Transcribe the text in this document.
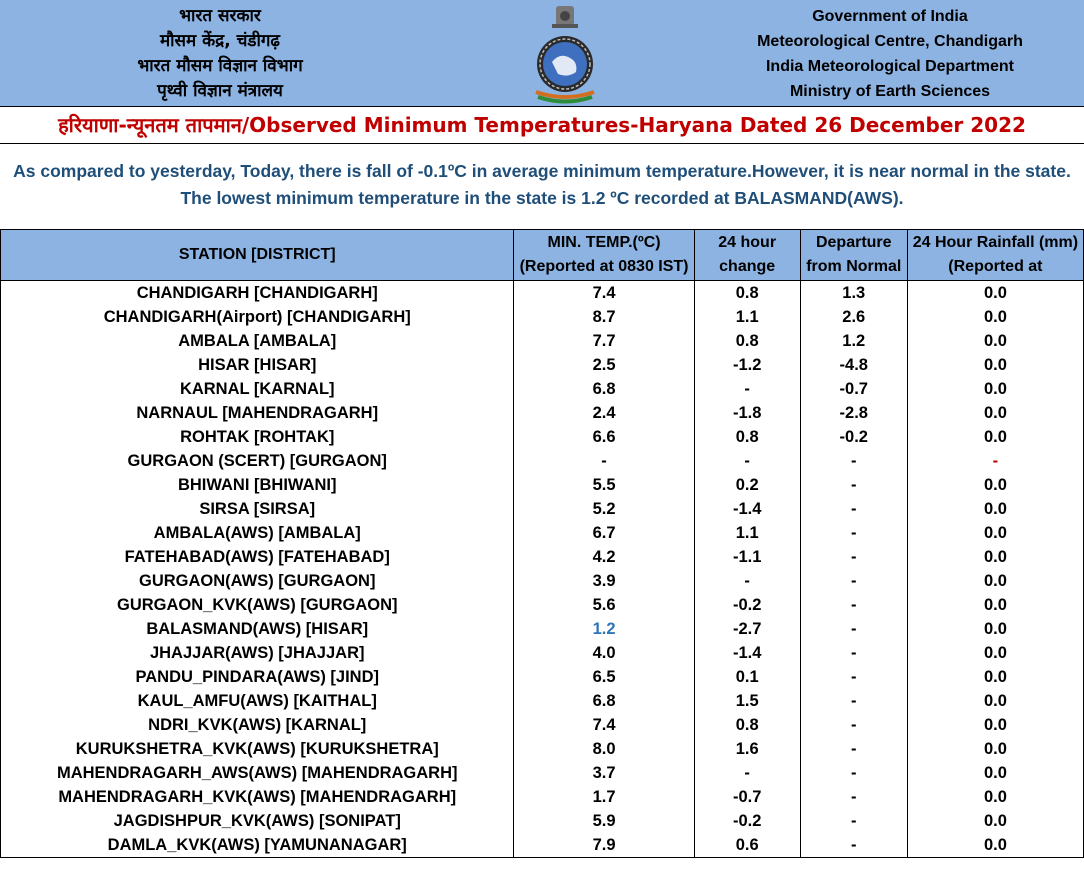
भारत सरकार
मौसम केंद्र, चंडीगढ़
भारत मौसम विज्ञान विभाग
पृथ्वी विज्ञान मंत्रालय
Government of India
Meteorological Centre, Chandigarh
India Meteorological Department
Ministry of Earth Sciences
हरियाणा-न्यूनतम तापमान/Observed Minimum Temperatures-Haryana Dated 26 December 2022
As compared to yesterday, Today, there is fall of -0.1ºC in average minimum temperature.However, it is near normal in the state. The lowest minimum temperature in the state is 1.2 ºC recorded at BALASMAND(AWS).
STATION [DISTRICT]	MIN. TEMP.(ºC) (Reported at 0830 IST)	24 hour change	Departure from Normal	24 Hour Rainfall (mm) (Reported at
CHANDIGARH [CHANDIGARH]	7.4	0.8	1.3	0.0
CHANDIGARH(Airport) [CHANDIGARH]	8.7	1.1	2.6	0.0
AMBALA [AMBALA]	7.7	0.8	1.2	0.0
HISAR [HISAR]	2.5	-1.2	-4.8	0.0
KARNAL [KARNAL]	6.8	-	-0.7	0.0
NARNAUL [MAHENDRAGARH]	2.4	-1.8	-2.8	0.0
ROHTAK [ROHTAK]	6.6	0.8	-0.2	0.0
GURGAON (SCERT) [GURGAON]	-	-	-	-
BHIWANI [BHIWANI]	5.5	0.2	-	0.0
SIRSA [SIRSA]	5.2	-1.4	-	0.0
AMBALA(AWS) [AMBALA]	6.7	1.1	-	0.0
FATEHABAD(AWS) [FATEHABAD]	4.2	-1.1	-	0.0
GURGAON(AWS) [GURGAON]	3.9	-	-	0.0
GURGAON_KVK(AWS) [GURGAON]	5.6	-0.2	-	0.0
BALASMAND(AWS) [HISAR]	1.2	-2.7	-	0.0
JHAJJAR(AWS) [JHAJJAR]	4.0	-1.4	-	0.0
PANDU_PINDARA(AWS) [JIND]	6.5	0.1	-	0.0
KAUL_AMFU(AWS) [KAITHAL]	6.8	1.5	-	0.0
NDRI_KVK(AWS) [KARNAL]	7.4	0.8	-	0.0
KURUKSHETRA_KVK(AWS) [KURUKSHETRA]	8.0	1.6	-	0.0
MAHENDRAGARH_AWS(AWS) [MAHENDRAGARH]	3.7	-	-	0.0
MAHENDRAGARH_KVK(AWS) [MAHENDRAGARH]	1.7	-0.7	-	0.0
JAGDISHPUR_KVK(AWS) [SONIPAT]	5.9	-0.2	-	0.0
DAMLA_KVK(AWS) [YAMUNANAGAR]	7.9	0.6	-	0.0
